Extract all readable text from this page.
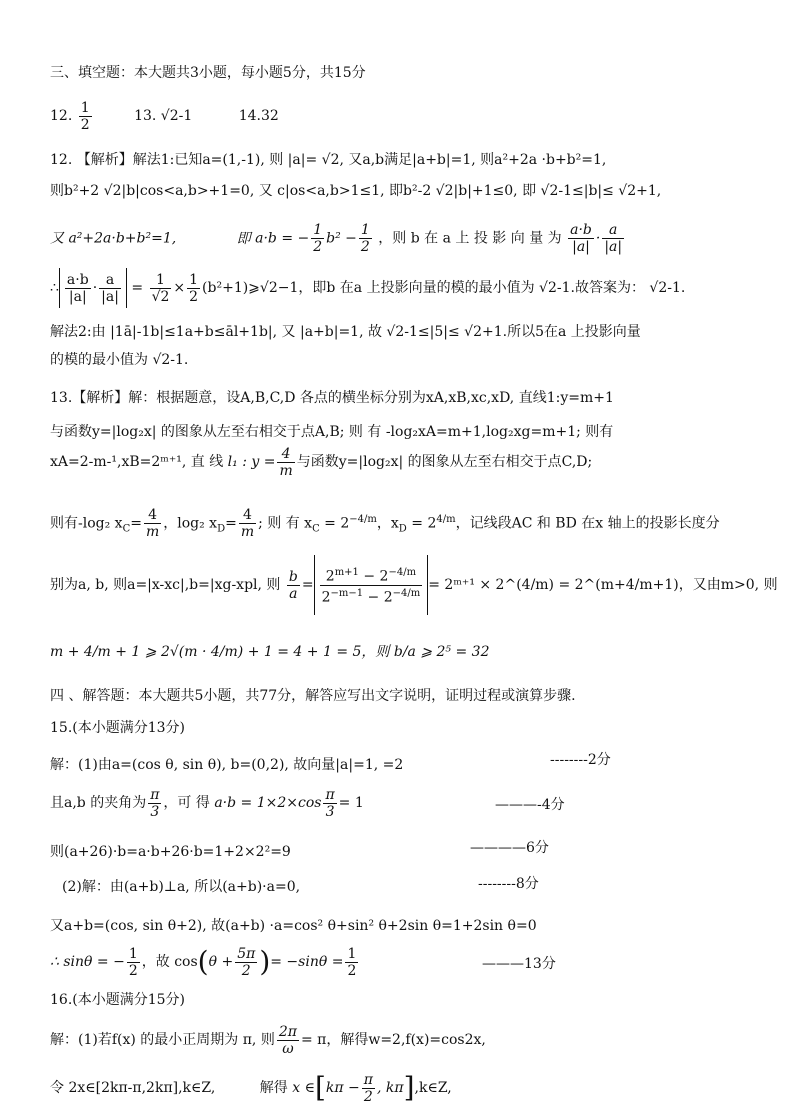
三、填空题：本大题共3小题，每小题5分，共15分
12. $\frac{1}{2}$	13. √2-1	14.32
12. 【解析】解法1:已知a=(1,-1), 则 |a|= √2, 又a,b满足|a+b|=1, 则a²+2a ·b+b²=1,
则b²+2 √2|b|cos<a,b>+1=0, 又 c|os<a,b>1≤1, 即b²-2 √2|b|+1≤0, 即 √2-1≤|b|≤ √2+1,
又 a²+2a·b+b²=1,	即 a·b = − $\frac{1}{2} b^2 - \frac{1}{2}$ ，则 b 在 a 上 投 影 向 量 为 $\frac{a\cdot b}{|a|} \cdot \frac{a}{|a|}$
∴ $\frac{a\cdot b}{|a|} \cdot \frac{a}{|a|} = \frac{1}{√2} \times \frac{1}{2}$ (b²+1)⩾√2−1，即b 在a 上投影向量的模的最小值为 √2-1.故答案为： √2-1.
解法2:由 |1ā|-1b|≤1a+b≤āl+1b|, 又 |a+b|=1, 故 √2-1≤|5|≤ √2+1.所以5在a 上投影向量
的模的最小值为 √2-1.
13.【解析】解：根据题意，设A,B,C,D 各点的横坐标分别为xA,xB,xc,xD, 直线1:y=m+1
与函数y=|log₂x| 的图象从左至右相交于点A,B; 则 有 -log₂xA=m+1,log₂xg=m+1; 则有
xA=2-m-¹,xB=2ᵐ⁺¹, 直 线 l₁ : $y = \frac{4}{m}$ 与函数y=|log₂x| 的图象从左至右相交于点C,D;
则有-log₂ $x_C= \frac{4}{m}$ ，log₂ $x_D= \frac{4}{m}$ ; 则 有 $x_C = 2^{-4/m}$，$x_D = 2^{4/m}$，记线段AC 和 BD 在x 轴上的投影长度分
别为a, b, 则a=|x-xc|,b=|xg-xpl, 则 $\frac{b}{a} = \frac{2^{m+1} - 2^{-4/m}}{2^{-m-1} - 2^{-4/m}}$ = 2ᵐ⁺¹ × 2^(4/m) = 2^(m+4/m+1)，又由m>0, 则
m + 4/m + 1 ⩾ 2√(m · 4/m) + 1 = 4 + 1 = 5，则 b/a ⩾ 2⁵ = 32
四 、解答题：本大题共5小题，共77分，解答应写出文字说明，证明过程或演算步骤.
15.(本小题满分13分)
解：(1)由a=(cos θ, sin θ), b=(0,2), 故向量|a|=1, =2	--------2分
且a,b 的夹角为 $\frac{\pi}{3}$ ，可 得 $a\cdot b = 1\times 2\times\cos \frac{\pi}{3} = 1$	———-4分
则(a+26)·b=a·b+26·b=1+2×2²=9	————6分
(2)解：由(a+b)⊥a, 所以(a+b)·a=0,	--------8分
又a+b=(cos, sin θ+2), 故(a+b) ·a=cos² θ+sin² θ+2sin θ=1+2sin θ=0
∴ sinθ = − $\frac{1}{2}$ ，故 $\cos(\theta + \frac{5\pi}{2}$ )= $-\sin\theta = \frac{1}{2}$	———13分
16.(本小题满分15分)
解：(1)若f(x) 的最小正周期为 π, 则 $\frac{2\pi}{\omega} = \pi$，解得w=2,f(x)=cos2x,
令 2x∈[2kπ-π,2kπ],k∈Z,	解得 x ∈[kπ − $\frac{\pi}{2}$ , kπ],k∈Z,
